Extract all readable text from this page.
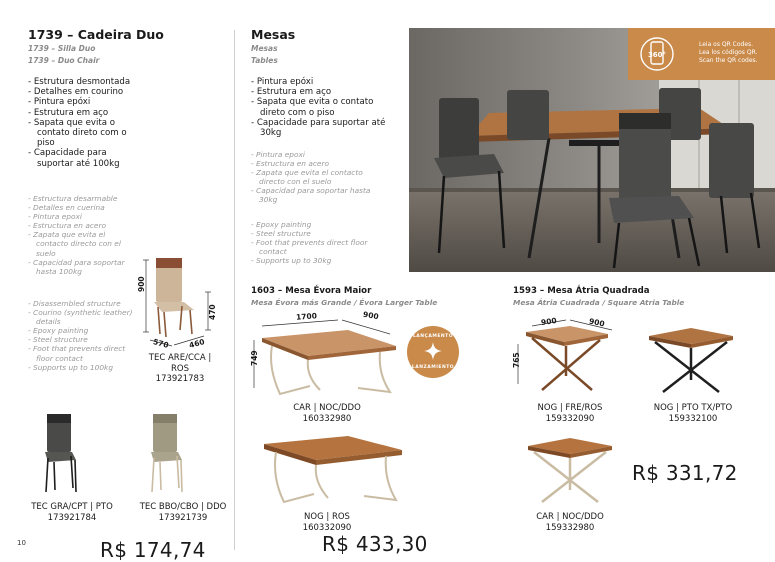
1739 – Cadeira Duo
1739 – Silla Duo
1739 – Duo Chair
- Estrutura desmontada
- Detalhes em courino
- Pintura epóxi
- Estrutura em aço
- Sapata que evita o contato direto com o piso
- Capacidade para suportar até 100kg
- Estructura desarmable
- Detalles en cuerina
- Pintura epoxi
- Estructura en acero
- Zapata que evita el contacto directo con el suelo
- Capacidad para soportar hasta 100kg
- Disassembled structure
- Courino (synthetic leather) details
- Epoxy painting
- Steel structure
- Foot that prevents direct floor contact
- Supports up to 100kg
900
570 460
470
TEC ARE/CCA | ROS
173921783
TEC GRA/CPT | PTO
173921784
TEC BBO/CBO | DDO
173921739
10	R$ 174,74
Mesas
Mesas
Tables
- Pintura epóxi
- Estrutura em aço
- Sapata que evita o contato direto com o piso
- Capacidade para suportar até 30kg
- Pintura epoxi
- Estructura en acero
- Zapata que evita el contacto directo con el suelo
- Capacidad para soportar hasta 30kg
- Epoxy painting
- Steel structure
- Foot that prevents direct floor contact
- Supports up to 30kg
360°
Leia os QR Codes.
Lea los códigos QR.
Scan the QR codes.
1603 – Mesa Évora Maior
Mesa Évora más Grande / Évora Larger Table
1700	900
749
LANÇAMENTO
LANZAMIENTO
CAR | NOC/DDO
160332980
NOG | ROS
160332090
R$ 433,30
1593 – Mesa Átria Quadrada
Mesa Átria Cuadrada / Square Atria Table
900	900
765
NOG | FRE/ROS
159332090
NOG | PTO TX/PTO
159332100
CAR | NOC/DDO
159332980
R$ 331,72
